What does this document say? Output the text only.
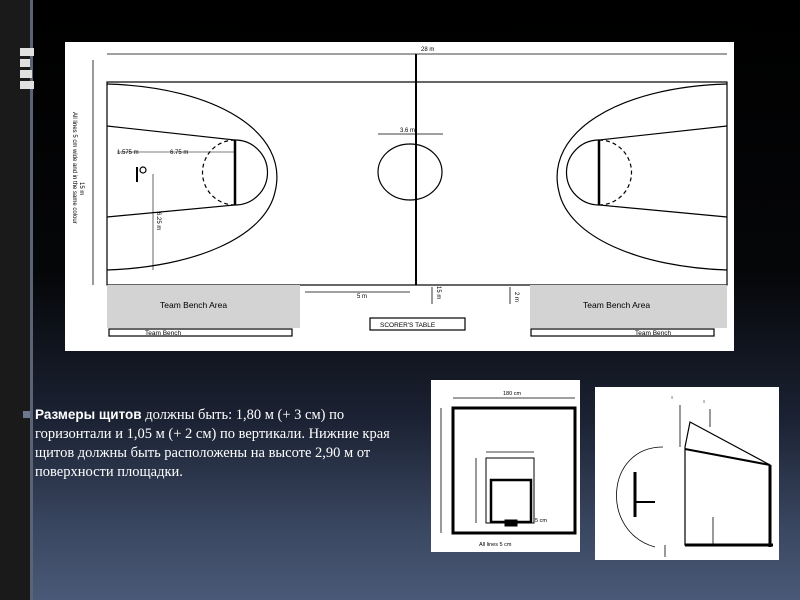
28 m
15 m
All lines 5 cm wide and in the same colour	3.6 m
1.575 m	6.75 m
6.25 m
5 m	15 m	2 m
Team Bench Area	Team Bench Area
Team Bench	Team Bench
SCORER'S TABLE
Размеры щитов должны быть: 1,80 м (+ 3 см) по горизонтали и 1,05 м (+ 2 см) по вертикали. Нижние края щитов должны быть расположены на высоте 2,90 м от поверхности площадки.
180 cm
All lines 5 cm
5 cm
≡
≡
